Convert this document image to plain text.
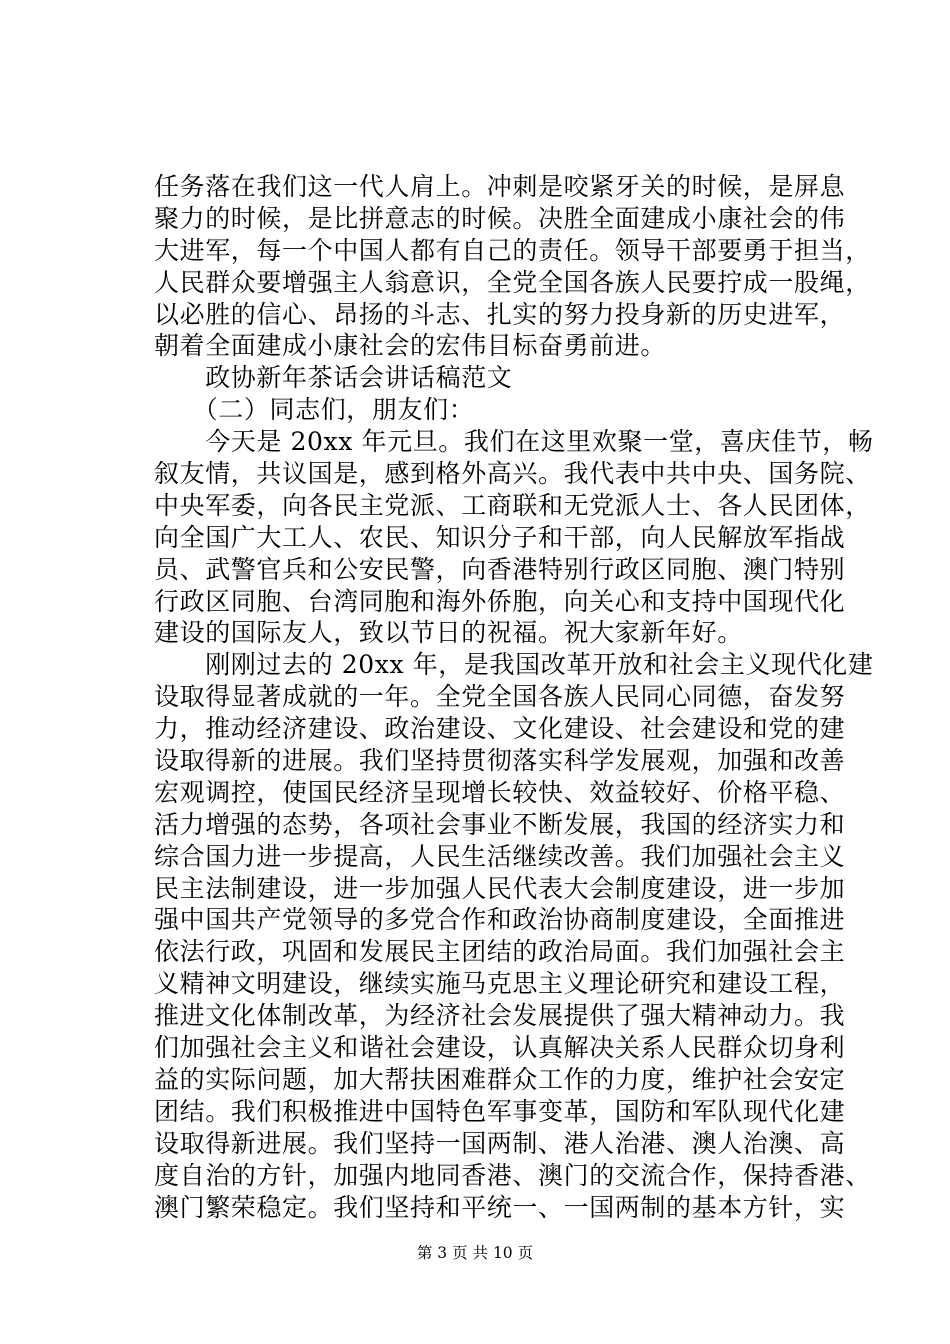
任务落在我们这一代人肩上。冲刺是咬紧牙关的时候，是屏息
聚力的时候，是比拼意志的时候。决胜全面建成小康社会的伟
大进军，每一个中国人都有自己的责任。领导干部要勇于担当，
人民群众要增强主人翁意识，全党全国各族人民要拧成一股绳，
以必胜的信心、昂扬的斗志、扎实的努力投身新的历史进军，
朝着全面建成小康社会的宏伟目标奋勇前进。
　　政协新年茶话会讲话稿范文
　　（二）同志们，朋友们：
　　今天是 20xx 年元旦。我们在这里欢聚一堂，喜庆佳节，畅
叙友情，共议国是，感到格外高兴。我代表中共中央、国务院、
中央军委，向各民主党派、工商联和无党派人士、各人民团体，
向全国广大工人、农民、知识分子和干部，向人民解放军指战
员、武警官兵和公安民警，向香港特别行政区同胞、澳门特别
行政区同胞、台湾同胞和海外侨胞，向关心和支持中国现代化
建设的国际友人，致以节日的祝福。祝大家新年好。
　　刚刚过去的 20xx 年，是我国改革开放和社会主义现代化建
设取得显著成就的一年。全党全国各族人民同心同德，奋发努
力，推动经济建设、政治建设、文化建设、社会建设和党的建
设取得新的进展。我们坚持贯彻落实科学发展观，加强和改善
宏观调控，使国民经济呈现增长较快、效益较好、价格平稳、
活力增强的态势，各项社会事业不断发展，我国的经济实力和
综合国力进一步提高，人民生活继续改善。我们加强社会主义
民主法制建设，进一步加强人民代表大会制度建设，进一步加
强中国共产党领导的多党合作和政治协商制度建设，全面推进
依法行政，巩固和发展民主团结的政治局面。我们加强社会主
义精神文明建设，继续实施马克思主义理论研究和建设工程，
推进文化体制改革，为经济社会发展提供了强大精神动力。我
们加强社会主义和谐社会建设，认真解决关系人民群众切身利
益的实际问题，加大帮扶困难群众工作的力度，维护社会安定
团结。我们积极推进中国特色军事变革，国防和军队现代化建
设取得新进展。我们坚持一国两制、港人治港、澳人治澳、高
度自治的方针，加强内地同香港、澳门的交流合作，保持香港、
澳门繁荣稳定。我们坚持和平统一、一国两制的基本方针，实
第 3 页 共 10 页
